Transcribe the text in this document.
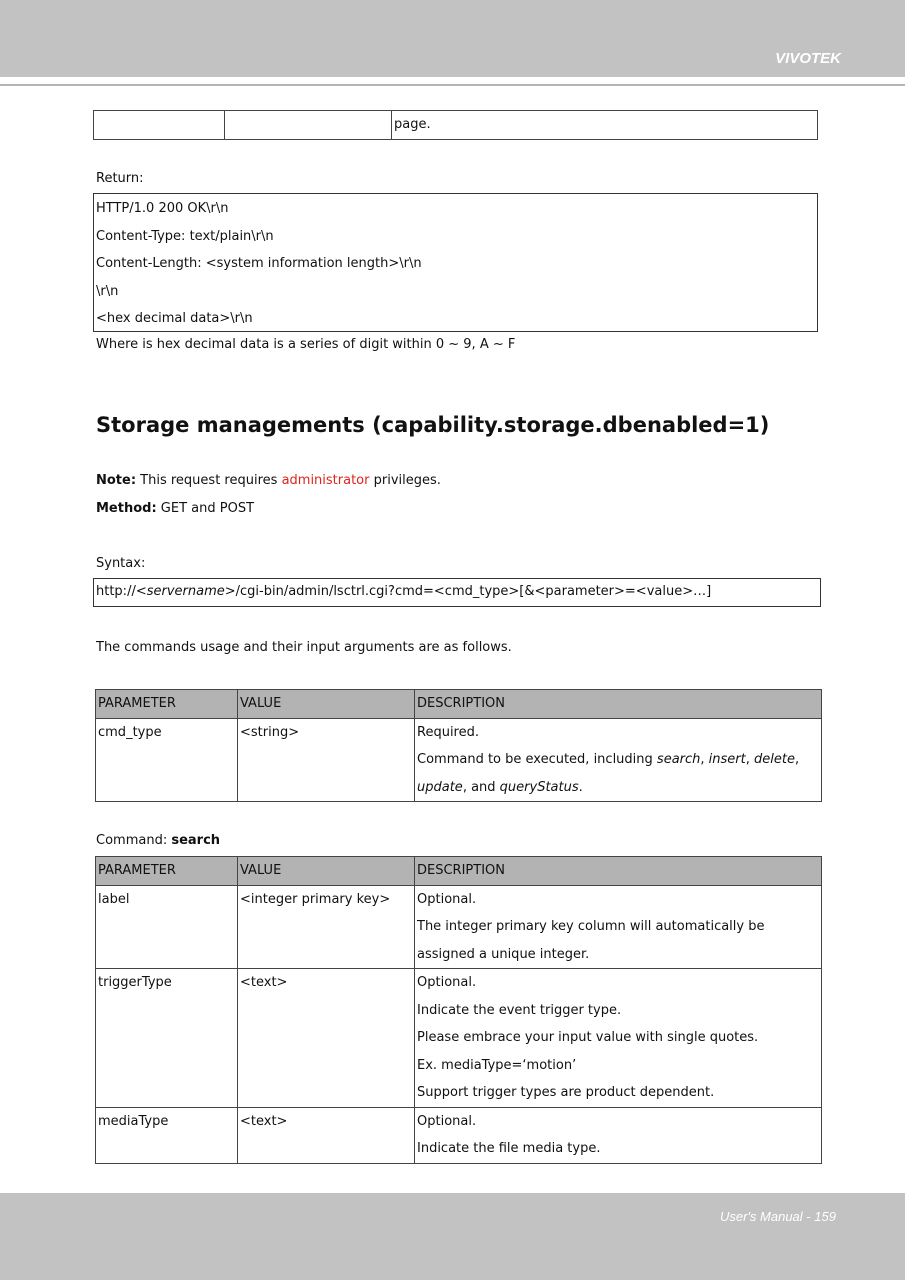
VIVOTEK
		page.
Return:
HTTP/1.0 200 OK\r\n
Content-Type: text/plain\r\n
Content-Length: <system information length>\r\n
\r\n
<hex decimal data>\r\n
Where is hex decimal data is a series of digit within 0 ~ 9, A ~ F
Storage managements (capability.storage.dbenabled=1)
Note: This request requires administrator privileges.
Method: GET and POST
Syntax:
http://<servername>/cgi-bin/admin/lsctrl.cgi?cmd=<cmd_type>[&<parameter>=<value>…]
The commands usage and their input arguments are as follows.
PARAMETER	VALUE	DESCRIPTION
cmd_type	<string>	Required.
Command to be executed, including search, insert, delete,
update, and queryStatus.
Command: search
PARAMETER	VALUE	DESCRIPTION
label	<integer primary key>	Optional.
The integer primary key column will automatically be
assigned a unique integer.

triggerType	<text>	Optional.
Indicate the event trigger type.
Please embrace your input value with single quotes.
Ex. mediaType=‘motion’
Support trigger types are product dependent.

mediaType	<text>	Optional.
Indicate the file media type.
User's Manual - 159
